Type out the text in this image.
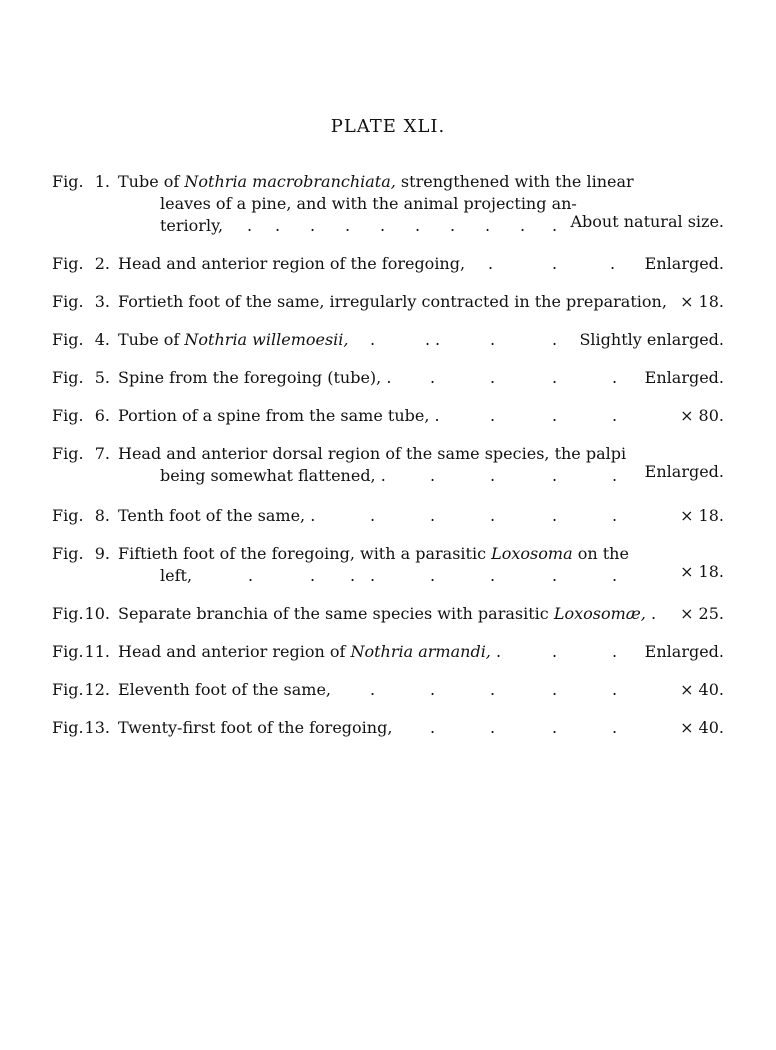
PLATE XLI.
Fig. 1. Tube of Nothria macrobranchiata, strengthened with the linear
leaves of a pine, and with the animal projecting an-
teriorly, . . . . . . . . . . About natural size.
Fig. 2. Head and anterior region of the foregoing, .	.	. Enlarged.
Fig. 3. Fortieth foot of the same, irregularly contracted in the preparation, × 18.
Fig. 4. Tube of Nothria willemoesii, .	. .	.	. Slightly enlarged.
Fig. 5. Spine from the foregoing (tube), . .	.	.	. Enlarged.
Fig. 6. Portion of a spine from the same tube, .	.	.	.	× 80.
Fig. 7. Head and anterior dorsal region of the same species, the palpi
being somewhat flattened, .	.	.	.	. Enlarged.
Fig. 8. Tenth foot of the same, .	.	.	.	.	.	× 18.
Fig. 9. Fiftieth foot of the foregoing, with a parasitic Loxosoma on the
left,	.	. . .	.	.	.	.	× 18.
Fig. 10. Separate branchia of the same species with parasitic Loxosomæ, . × 25.
Fig. 11. Head and anterior region of Nothria armandi, .	.	. Enlarged.
Fig. 12. Eleventh foot of the same, .	.	.	.	.	× 40.
Fig. 13. Twenty-first foot of the foregoing, .	.	.	.	× 40.
